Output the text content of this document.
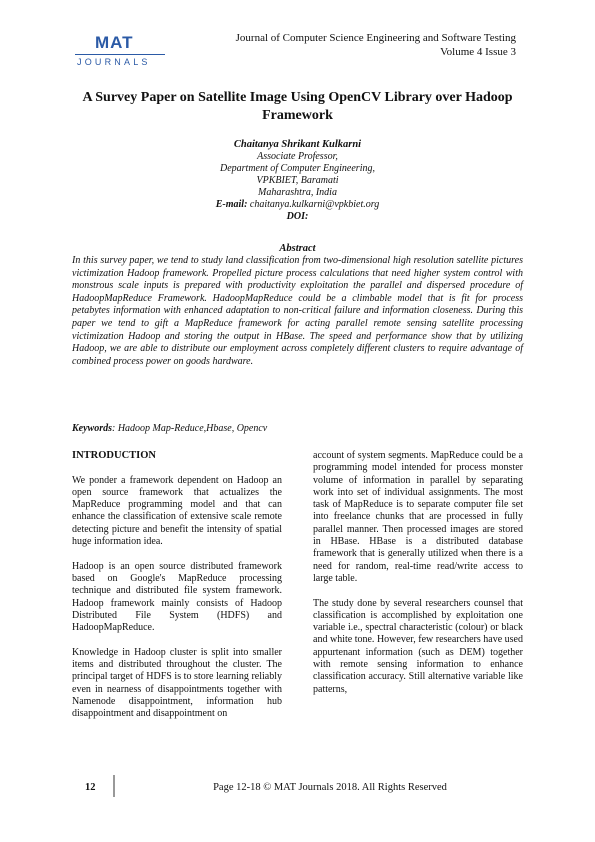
MAT
JOURNALS
Journal of Computer Science Engineering and Software Testing
Volume 4 Issue 3
A Survey Paper on Satellite Image Using OpenCV Library over Hadoop Framework
Chaitanya Shrikant Kulkarni
Associate Professor,
Department of Computer Engineering,
VPKBIET, Baramati
Maharashtra, India
E-mail: chaitanya.kulkarni@vpkbiet.org
DOI:
Abstract

In this survey paper, we tend to study land classification from two-dimensional high resolution satellite pictures victimization Hadoop framework. Propelled picture process calculations that need higher system control with monstrous scale inputs is prepared with productivity exploitation the parallel and dispersed procedure of HadoopMapReduce Framework. HadoopMapReduce could be a climbable model that is fit for process petabytes information with enhanced adaptation to non-critical failure and information closeness. During this paper we tend to gift a MapReduce framework for acting parallel remote sensing satellite processing victimization Hadoop and storing the output in HBase. The speed and performance show that by utilizing Hadoop, we are able to distribute our employment across completely different clusters to require advantage of combined process power on goods hardware.

Keywords: Hadoop Map-Reduce,Hbase, Opencv

INTRODUCTION

We ponder a framework dependent on Hadoop an open source framework that actualizes the MapReduce programming model and that can enhance the classification of extensive scale remote detecting picture and benefit the intensity of spatial huge information idea.

Hadoop is an open source distributed framework based on Google's MapReduce processing technique and distributed file system framework. Hadoop framework mainly consists of Hadoop Distributed File System (HDFS) and HadoopMapReduce.

Knowledge in Hadoop cluster is split into smaller items and distributed throughout the cluster. The principal target of HDFS is to store learning reliably even in nearness of disappointments together with Namenode disappointment, information hub disappointment and disappointment on

account of system segments. MapReduce could be a programming model intended for process monster volume of information in parallel by separating work into set of individual assignments. The most task of MapReduce is to separate computer file set into freelance chunks that are processed in fully parallel manner. Then processed images are stored in HBase. HBase is a distributed database framework that is generally utilized when there is a need for random, real-time read/write access to large table.

The study done by several researchers counsel that classification is accomplished by exploitation one variable i.e., spectral characteristic (colour) or black and white tone. However, few researchers have used appurtenant information (such as DEM) together with remote sensing information to enhance classification accuracy. Still alternative variable like patterns,

12	Page 12-18 © MAT Journals 2018. All Rights Reserved
